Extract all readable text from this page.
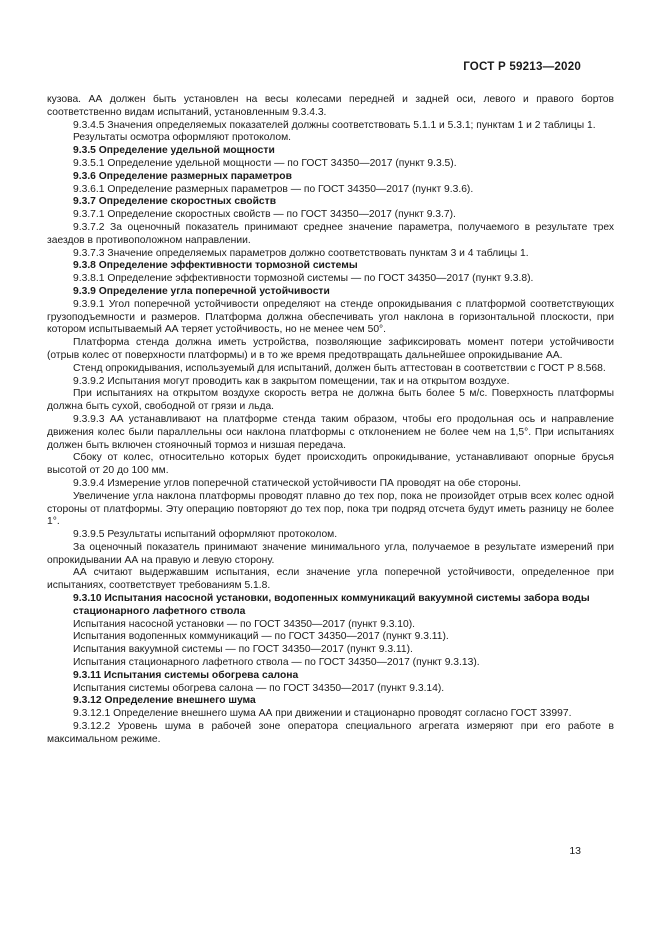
ГОСТ Р 59213—2020

кузова. АА должен быть установлен на весы колесами передней и задней оси, левого и правого бортов соответственно видам испытаний, установленным 9.3.4.3.

9.3.4.5 Значения определяемых показателей должны соответствовать 5.1.1 и 5.3.1; пунктам 1 и 2 таблицы 1.

Результаты осмотра оформляют протоколом.

9.3.5 Определение удельной мощности

9.3.5.1 Определение удельной мощности — по ГОСТ 34350—2017 (пункт 9.3.5).

9.3.6 Определение размерных параметров

9.3.6.1 Определение размерных параметров — по ГОСТ 34350—2017 (пункт 9.3.6).

9.3.7 Определение скоростных свойств

9.3.7.1 Определение скоростных свойств — по ГОСТ 34350—2017 (пункт 9.3.7).

9.3.7.2 За оценочный показатель принимают среднее значение параметра, получаемого в результате трех заездов в противоположном направлении.

9.3.7.3 Значение определяемых параметров должно соответствовать пунктам 3 и 4 таблицы 1.

9.3.8 Определение эффективности тормозной системы

9.3.8.1 Определение эффективности тормозной системы — по ГОСТ 34350—2017 (пункт 9.3.8).

9.3.9 Определение угла поперечной устойчивости

9.3.9.1 Угол поперечной устойчивости определяют на стенде опрокидывания с платформой соответствующих грузоподъемности и размеров. Платформа должна обеспечивать угол наклона в горизонтальной плоскости, при котором испытываемый АА теряет устойчивость, но не менее чем 50°.

Платформа стенда должна иметь устройства, позволяющие зафиксировать момент потери устойчивости (отрыв колес от поверхности платформы) и в то же время предотвращать дальнейшее опрокидывание АА.

Стенд опрокидывания, используемый для испытаний, должен быть аттестован в соответствии с ГОСТ Р 8.568.

9.3.9.2 Испытания могут проводить как в закрытом помещении, так и на открытом воздухе.

При испытаниях на открытом воздухе скорость ветра не должна быть более 5 м/с. Поверхность платформы должна быть сухой, свободной от грязи и льда.

9.3.9.3 АА устанавливают на платформе стенда таким образом, чтобы его продольная ось и направление движения колес были параллельны оси наклона платформы с отклонением не более чем на 1,5°. При испытаниях должен быть включен стояночный тормоз и низшая передача.

Сбоку от колес, относительно которых будет происходить опрокидывание, устанавливают опорные брусья высотой от 20 до 100 мм.

9.3.9.4 Измерение углов поперечной статической устойчивости ПА проводят на обе стороны.

Увеличение угла наклона платформы проводят плавно до тех пор, пока не произойдет отрыв всех колес одной стороны от платформы. Эту операцию повторяют до тех пор, пока три подряд отсчета будут иметь разницу не более 1°.

9.3.9.5 Результаты испытаний оформляют протоколом.

За оценочный показатель принимают значение минимального угла, получаемое в результате измерений при опрокидывании АА на правую и левую сторону.

АА считают выдержавшим испытания, если значение угла поперечной устойчивости, определенное при испытаниях, соответствует требованиям 5.1.8.

9.3.10 Испытания насосной установки, водопенных коммуникаций вакуумной системы забора воды стационарного лафетного ствола

Испытания насосной установки — по ГОСТ 34350—2017 (пункт 9.3.10).

Испытания водопенных коммуникаций — по ГОСТ 34350—2017 (пункт 9.3.11).

Испытания вакуумной системы — по ГОСТ 34350—2017 (пункт 9.3.11).

Испытания стационарного лафетного ствола — по ГОСТ 34350—2017 (пункт 9.3.13).

9.3.11 Испытания системы обогрева салона

Испытания системы обогрева салона — по ГОСТ 34350—2017 (пункт 9.3.14).

9.3.12 Определение внешнего шума

9.3.12.1 Определение внешнего шума АА при движении и стационарно проводят согласно ГОСТ 33997.

9.3.12.2 Уровень шума в рабочей зоне оператора специального агрегата измеряют при его работе в максимальном режиме.

13
